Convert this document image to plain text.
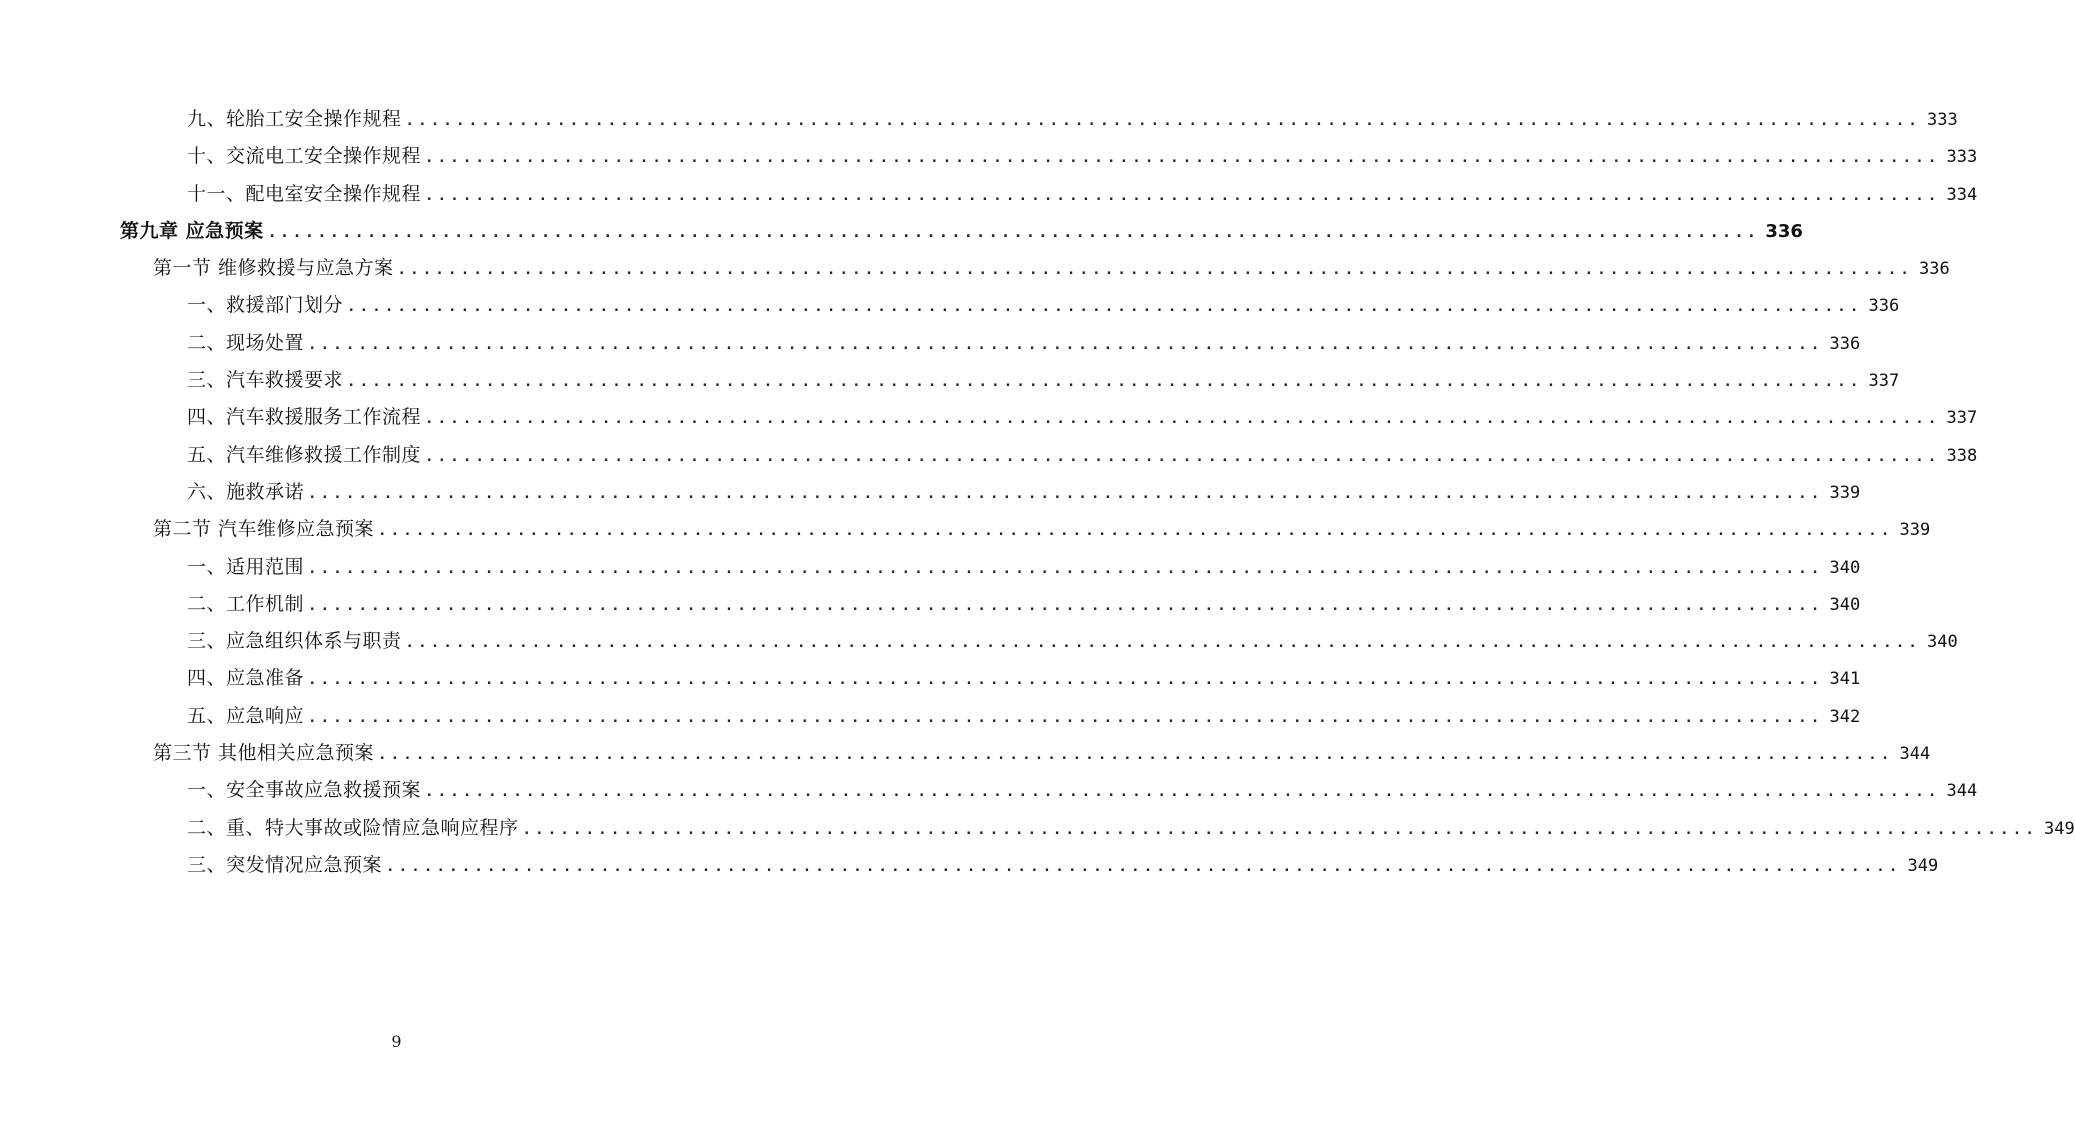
九、轮胎工安全操作规程 ........................................................................................................................ 333
十、交流电工安全操作规程 ........................................................................................................................ 333
十一、配电室安全操作规程 ........................................................................................................................ 334
第九章 应急预案 ........................................................................................................................ 336
第一节 维修救援与应急方案 ........................................................................................................................ 336
一、救援部门划分 ........................................................................................................................ 336
二、现场处置 ........................................................................................................................ 336
三、汽车救援要求 ........................................................................................................................ 337
四、汽车救援服务工作流程 ........................................................................................................................ 337
五、汽车维修救援工作制度 ........................................................................................................................ 338
六、施救承诺 ........................................................................................................................ 339
第二节 汽车维修应急预案 ........................................................................................................................ 339
一、适用范围 ........................................................................................................................ 340
二、工作机制 ........................................................................................................................ 340
三、应急组织体系与职责 ........................................................................................................................ 340
四、应急准备 ........................................................................................................................ 341
五、应急响应 ........................................................................................................................ 342
第三节 其他相关应急预案 ........................................................................................................................ 344
一、安全事故应急救援预案 ........................................................................................................................ 344
二、重、特大事故或险情应急响应程序 ........................................................................................................................ 349
三、突发情况应急预案 ........................................................................................................................ 349
9
